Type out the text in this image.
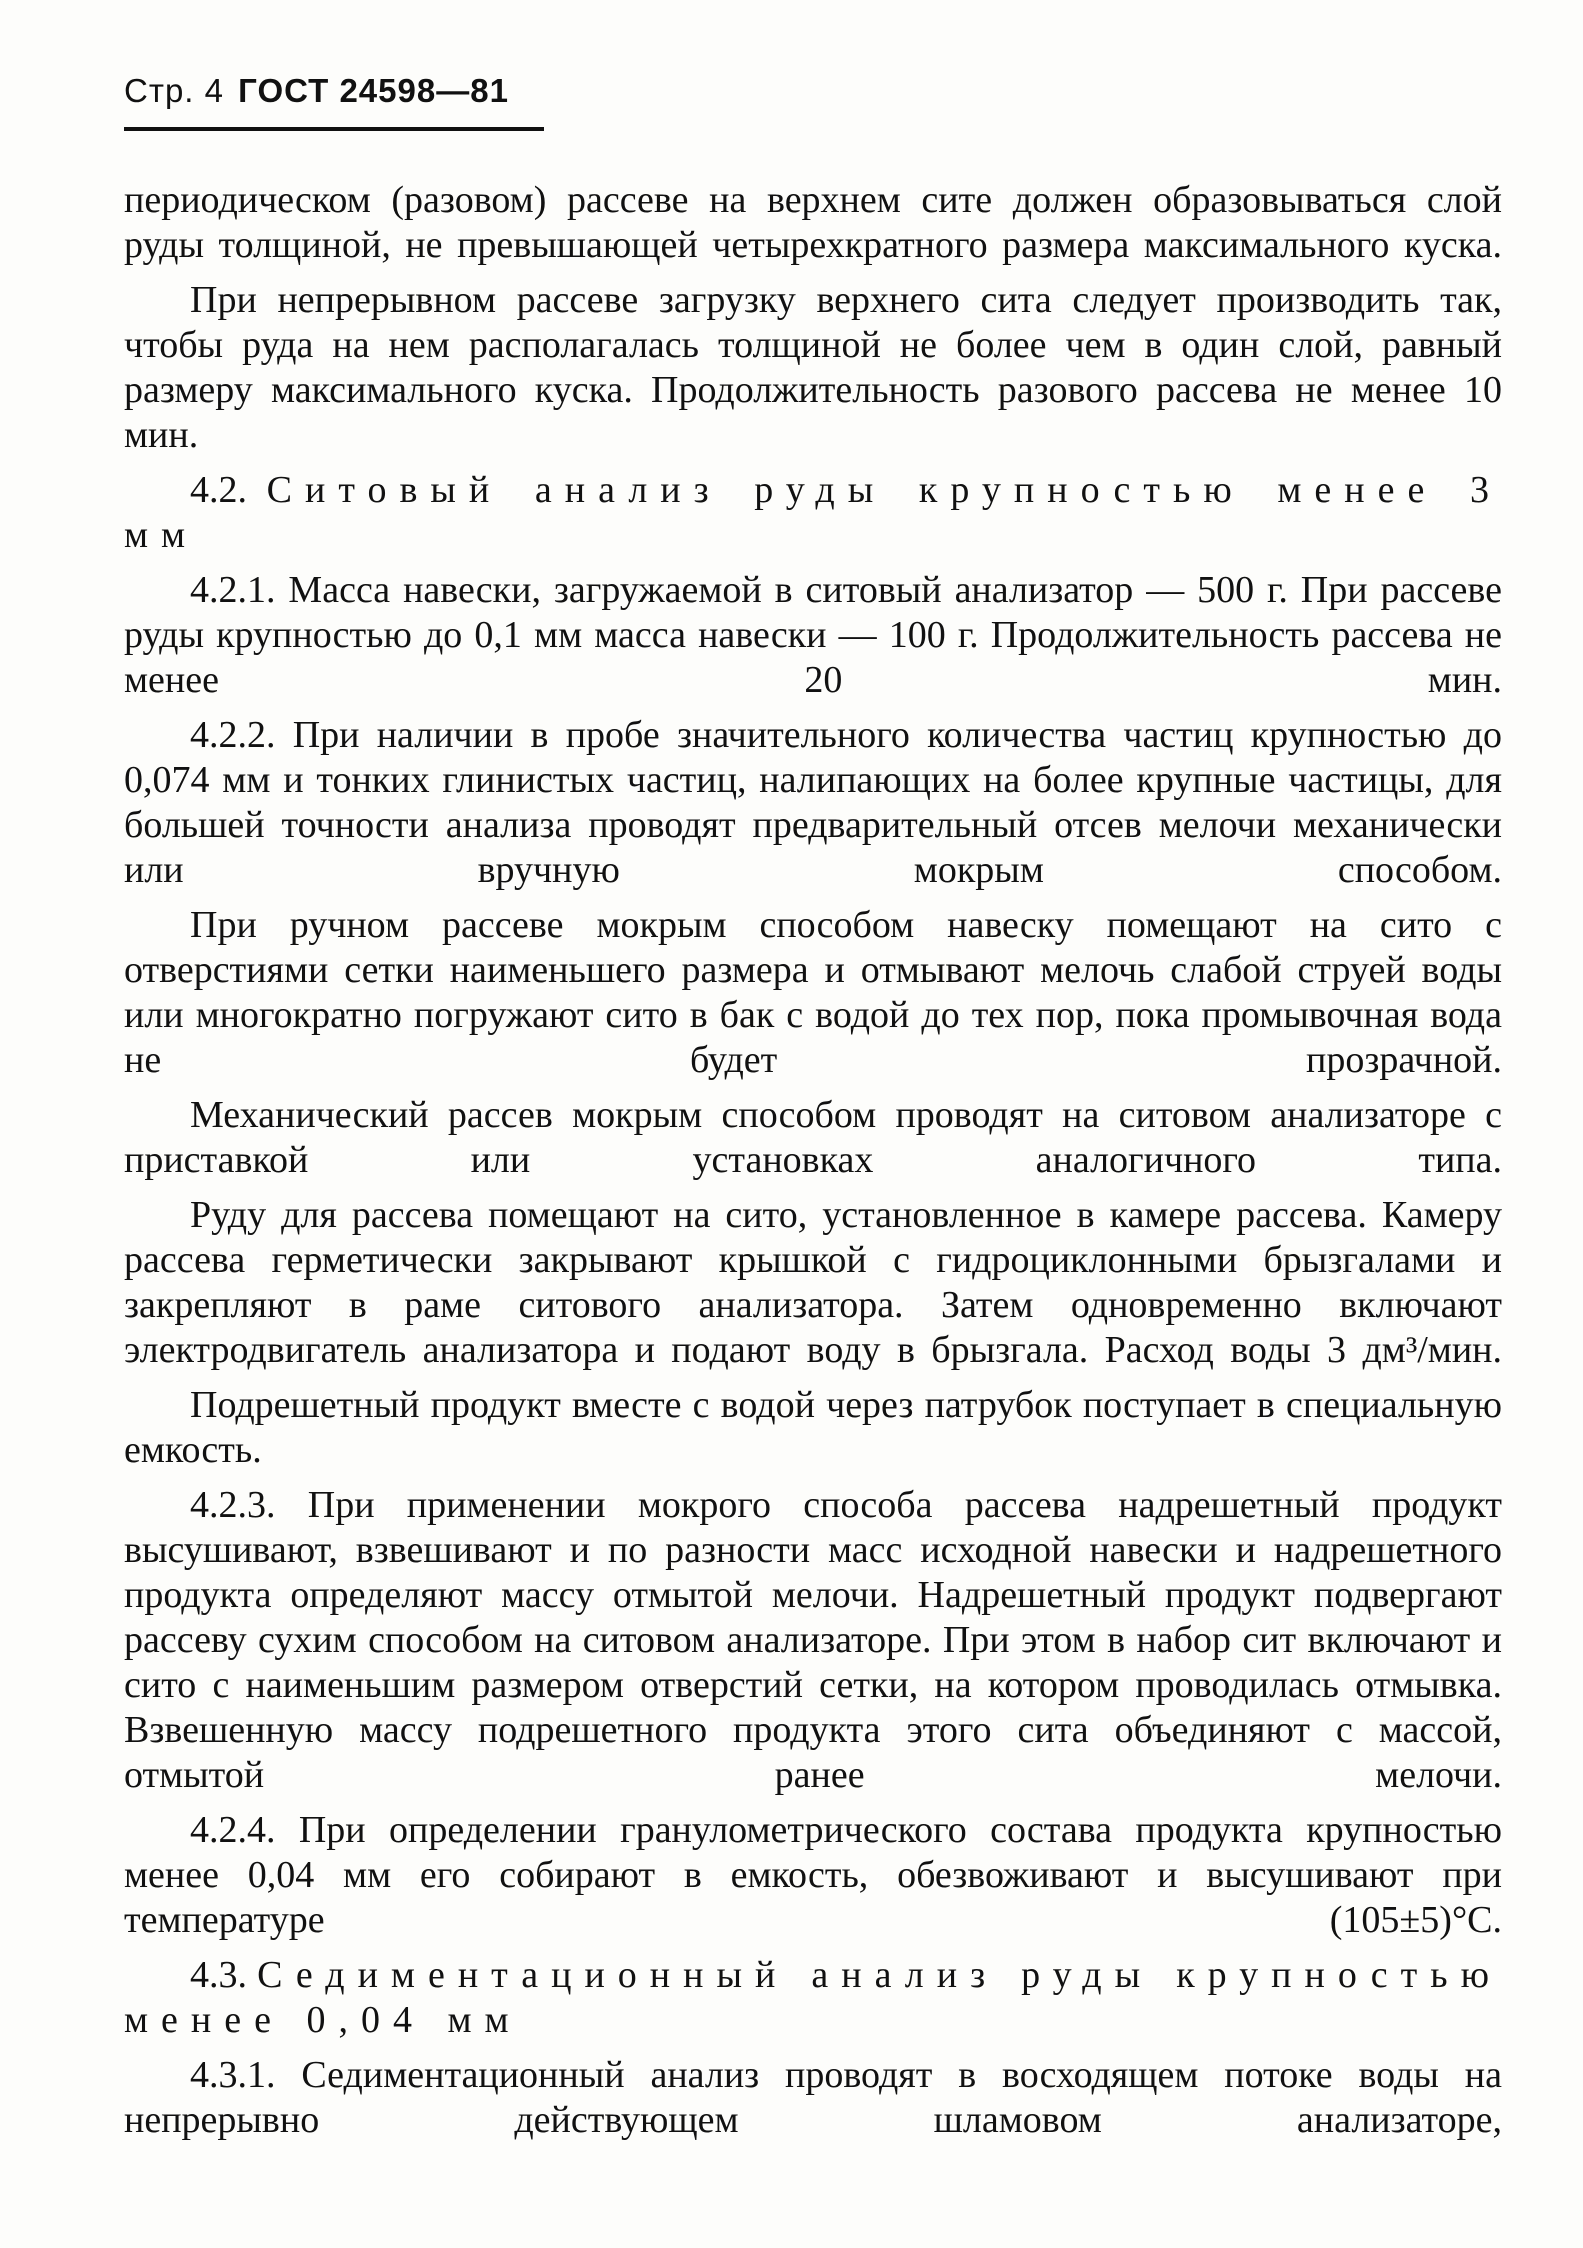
Стр. 4 ГОСТ 24598—81

периодическом (разовом) рассеве на верхнем сите должен образовываться слой руды толщиной, не превышающей четырехкратного размера максимального куска.

При непрерывном рассеве загрузку верхнего сита следует производить так, чтобы руда на нем располагалась толщиной не более чем в один слой, равный размеру максимального куска. Продолжительность разового рассева не менее 10 мин.

4.2. Ситовый анализ руды крупностью менее 3 мм

4.2.1. Масса навески, загружаемой в ситовый анализатор — 500 г. При рассеве руды крупностью до 0,1 мм масса навески — 100 г. Продолжительность рассева не менее 20 мин.

4.2.2. При наличии в пробе значительного количества частиц крупностью до 0,074 мм и тонких глинистых частиц, налипающих на более крупные частицы, для большей точности анализа проводят предварительный отсев мелочи механически или вручную мокрым способом.

При ручном рассеве мокрым способом навеску помещают на сито с отверстиями сетки наименьшего размера и отмывают мелочь слабой струей воды или многократно погружают сито в бак с водой до тех пор, пока промывочная вода не будет прозрачной.

Механический рассев мокрым способом проводят на ситовом анализаторе с приставкой или установках аналогичного типа.

Руду для рассева помещают на сито, установленное в камере рассева. Камеру рассева герметически закрывают крышкой с гидроциклонными брызгалами и закрепляют в раме ситового анализатора. Затем одновременно включают электродвигатель анализатора и подают воду в брызгала. Расход воды 3 дм³/мин.

Подрешетный продукт вместе с водой через патрубок поступает в специальную емкость.

4.2.3. При применении мокрого способа рассева надрешетный продукт высушивают, взвешивают и по разности масс исходной навески и надрешетного продукта определяют массу отмытой мелочи. Надрешетный продукт подвергают рассеву сухим способом на ситовом анализаторе. При этом в набор сит включают и сито с наименьшим размером отверстий сетки, на котором проводилась отмывка. Взвешенную массу подрешетного продукта этого сита объединяют с массой, отмытой ранее мелочи.

4.2.4. При определении гранулометрического состава продукта крупностью менее 0,04 мм его собирают в емкость, обезвоживают и высушивают при температуре (105±5)°С.

4.3. Седиментационный анализ руды крупностью менее 0,04 мм

4.3.1. Седиментационный анализ проводят в восходящем потоке воды на непрерывно действующем шламовом анализаторе,
